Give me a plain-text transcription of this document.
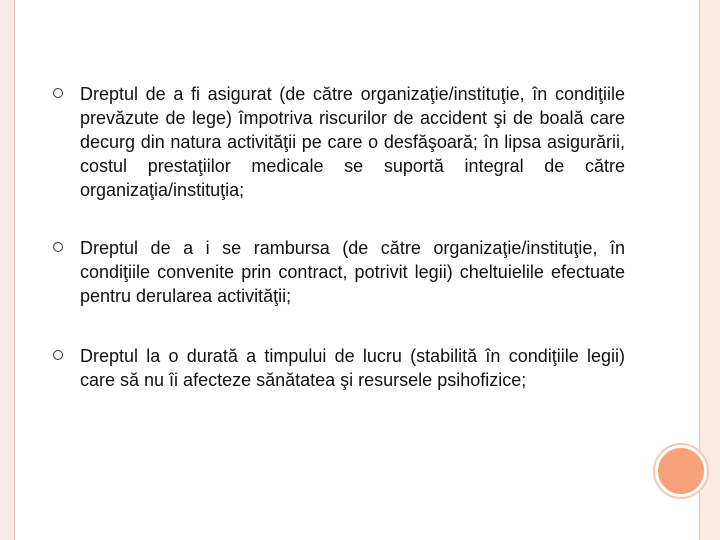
Dreptul de a fi asigurat (de către organizaţie/instituţie, în condiţiile prevăzute de lege) împotriva riscurilor de accident şi de boală care decurg din natura activităţii pe care o desfăşoară; în lipsa asigurării, costul prestaţiilor medicale se suportă integral de către organizaţia/instituţia;
Dreptul de a i se rambursa (de către organizaţie/instituţie, în condiţiile convenite prin contract, potrivit legii) cheltuielile efectuate pentru derularea activităţii;
Dreptul la o durată a timpului de lucru (stabilită în condiţiile legii) care să nu îi afecteze sănătatea şi resursele psihofizice;
